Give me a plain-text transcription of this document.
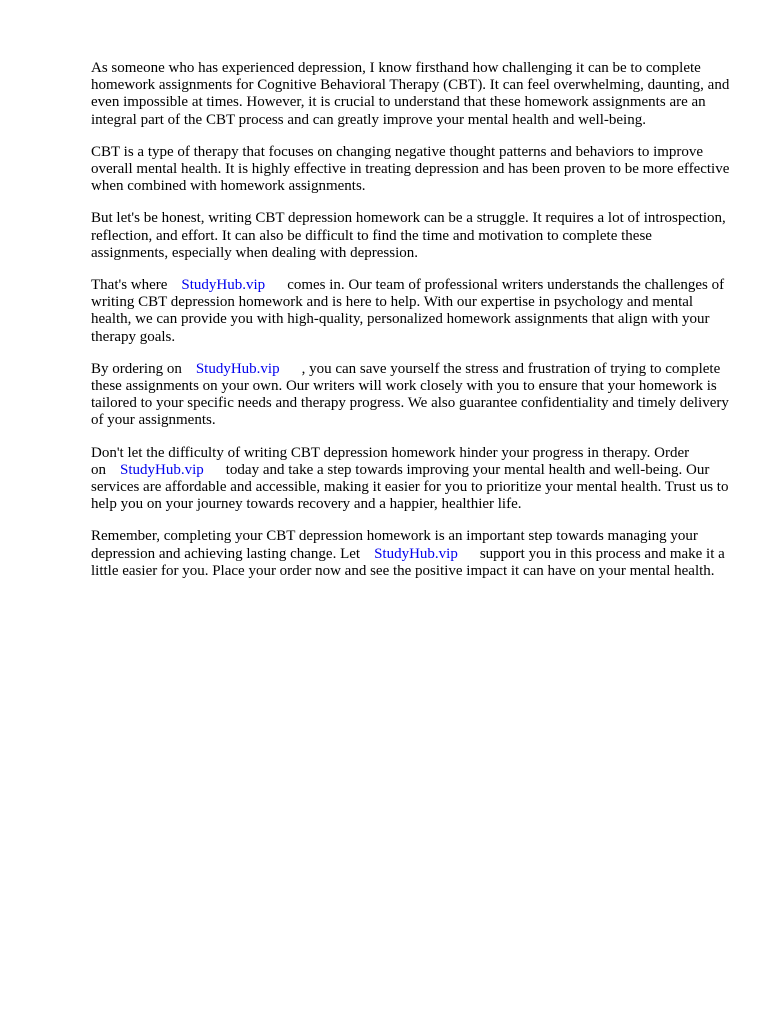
As someone who has experienced depression, I know firsthand how challenging it can be to complete homework assignments for Cognitive Behavioral Therapy (CBT). It can feel overwhelming, daunting, and even impossible at times. However, it is crucial to understand that these homework assignments are an integral part of the CBT process and can greatly improve your mental health and well-being.

CBT is a type of therapy that focuses on changing negative thought patterns and behaviors to improve overall mental health. It is highly effective in treating depression and has been proven to be more effective when combined with homework assignments.

But let's be honest, writing CBT depression homework can be a struggle. It requires a lot of introspection, reflection, and effort. It can also be difficult to find the time and motivation to complete these assignments, especially when dealing with depression.

That's where StudyHub.vip comes in. Our team of professional writers understands the challenges of writing CBT depression homework and is here to help. With our expertise in psychology and mental health, we can provide you with high-quality, personalized homework assignments that align with your therapy goals.

By ordering on StudyHub.vip , you can save yourself the stress and frustration of trying to complete these assignments on your own. Our writers will work closely with you to ensure that your homework is tailored to your specific needs and therapy progress. We also guarantee confidentiality and timely delivery of your assignments.

Don't let the difficulty of writing CBT depression homework hinder your progress in therapy. Order on StudyHub.vip today and take a step towards improving your mental health and well-being. Our services are affordable and accessible, making it easier for you to prioritize your mental health. Trust us to help you on your journey towards recovery and a happier, healthier life.

Remember, completing your CBT depression homework is an important step towards managing your depression and achieving lasting change. Let StudyHub.vip support you in this process and make it a little easier for you. Place your order now and see the positive impact it can have on your mental health.
